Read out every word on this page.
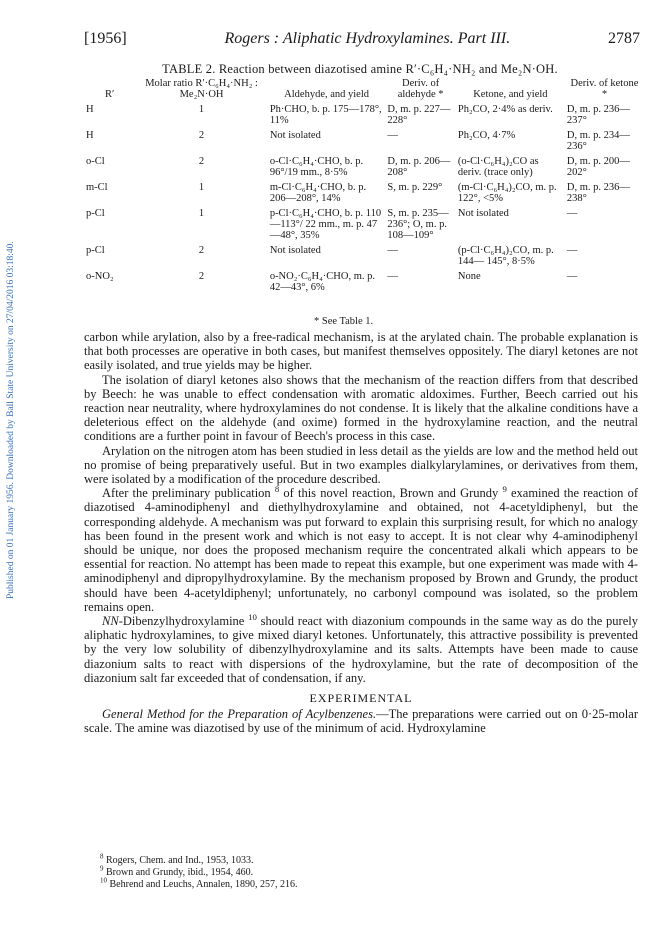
Published on 01 January 1956. Downloaded by Ball State University on 27/04/2016 03:18:40.
[1956]	Rogers : Aliphatic Hydroxylamines. Part III.	2787
TABLE 2. Reaction between diazotised amine R′·C₆H₄·NH₂ and Me₂N·OH.
R′	Molar ratio R′·C₆H₄·NH₂ : Me₂N·OH	Aldehyde, and yield	Deriv. of aldehyde *	Ketone, and yield	Deriv. of ketone *
H	1	Ph·CHO, b. p. 175—178°, 11%	D, m. p. 227— 228°	Ph₂CO, 2·4% as deriv.	D, m. p. 236— 237°
H	2	Not isolated	—	Ph₂CO, 4·7%	D, m. p. 234— 236°
o-Cl	2	o-Cl·C₆H₄·CHO, b. p. 96°/19 mm., 8·5%	D, m. p. 206— 208°	(o-Cl·C₆H₄)₂CO as deriv. (trace only)	D, m. p. 200— 202°
m-Cl	1	m-Cl·C₆H₄·CHO, b. p. 206—208°, 14%	S, m. p. 229°	(m-Cl·C₆H₄)₂CO, m. p. 122°, <5%	D, m. p. 236— 238°
p-Cl	1	p-Cl·C₆H₄·CHO, b. p. 110—113°/ 22 mm., m. p. 47—48°, 35%	S, m. p. 235— 236°; O, m. p. 108—109°	Not isolated	—
p-Cl	2	Not isolated	—	(p-Cl·C₆H₄)₂CO, m. p. 144— 145°, 8·5%	—
o-NO₂	2	o-NO₂·C₆H₄·CHO, m. p. 42—43°, 6%	—	None	—
* See Table 1.

carbon while arylation, also by a free-radical mechanism, is at the arylated chain. The probable explanation is that both processes are operative in both cases, but manifest themselves oppositely. The diaryl ketones are not easily isolated, and true yields may be higher.

The isolation of diaryl ketones also shows that the mechanism of the reaction differs from that described by Beech: he was unable to effect condensation with aromatic aldoximes. Further, Beech carried out his reaction near neutrality, where hydroxylamines do not condense. It is likely that the alkaline conditions have a deleterious effect on the aldehyde (and oxime) formed in the hydroxylamine reaction, and the neutral conditions are a further point in favour of Beech's process in this case.

Arylation on the nitrogen atom has been studied in less detail as the yields are low and the method held out no promise of being preparatively useful. But in two examples dialkylarylamines, or derivatives from them, were isolated by a modification of the procedure described.

After the preliminary publication $^8$ of this novel reaction, Brown and Grundy $^9$ examined the reaction of diazotised 4-aminodiphenyl and diethylhydroxylamine and obtained, not 4-acetyldiphenyl, but the corresponding aldehyde. A mechanism was put forward to explain this surprising result, for which no analogy has been found in the present work and which is not easy to accept. It is not clear why 4-aminodiphenyl should be unique, nor does the proposed mechanism require the concentrated alkali which appears to be essential for reaction. No attempt has been made to repeat this example, but one experiment was made with 4-aminodiphenyl and dipropylhydroxylamine. By the mechanism proposed by Brown and Grundy, the product should have been 4-acetyldiphenyl; unfortunately, no carbonyl compound was isolated, so the problem remains open.

NN-Dibenzylhydroxylamine $^{10}$ should react with diazonium compounds in the same way as do the purely aliphatic hydroxylamines, to give mixed diaryl ketones. Unfortunately, this attractive possibility is prevented by the very low solubility of dibenzylhydroxylamine and its salts. Attempts have been made to cause diazonium salts to react with dispersions of the hydroxylamine, but the rate of decomposition of the diazonium salt far exceeded that of condensation, if any.

EXPERIMENTAL

General Method for the Preparation of Acylbenzenes.—The preparations were carried out on 0·25-molar scale. The amine was diazotised by use of the minimum of acid. Hydroxylamine

$^8$ Rogers, Chem. and Ind., 1953, 1033.
$^9$ Brown and Grundy, ibid., 1954, 460.
$^{10}$ Behrend and Leuchs, Annalen, 1890, 257, 216.
